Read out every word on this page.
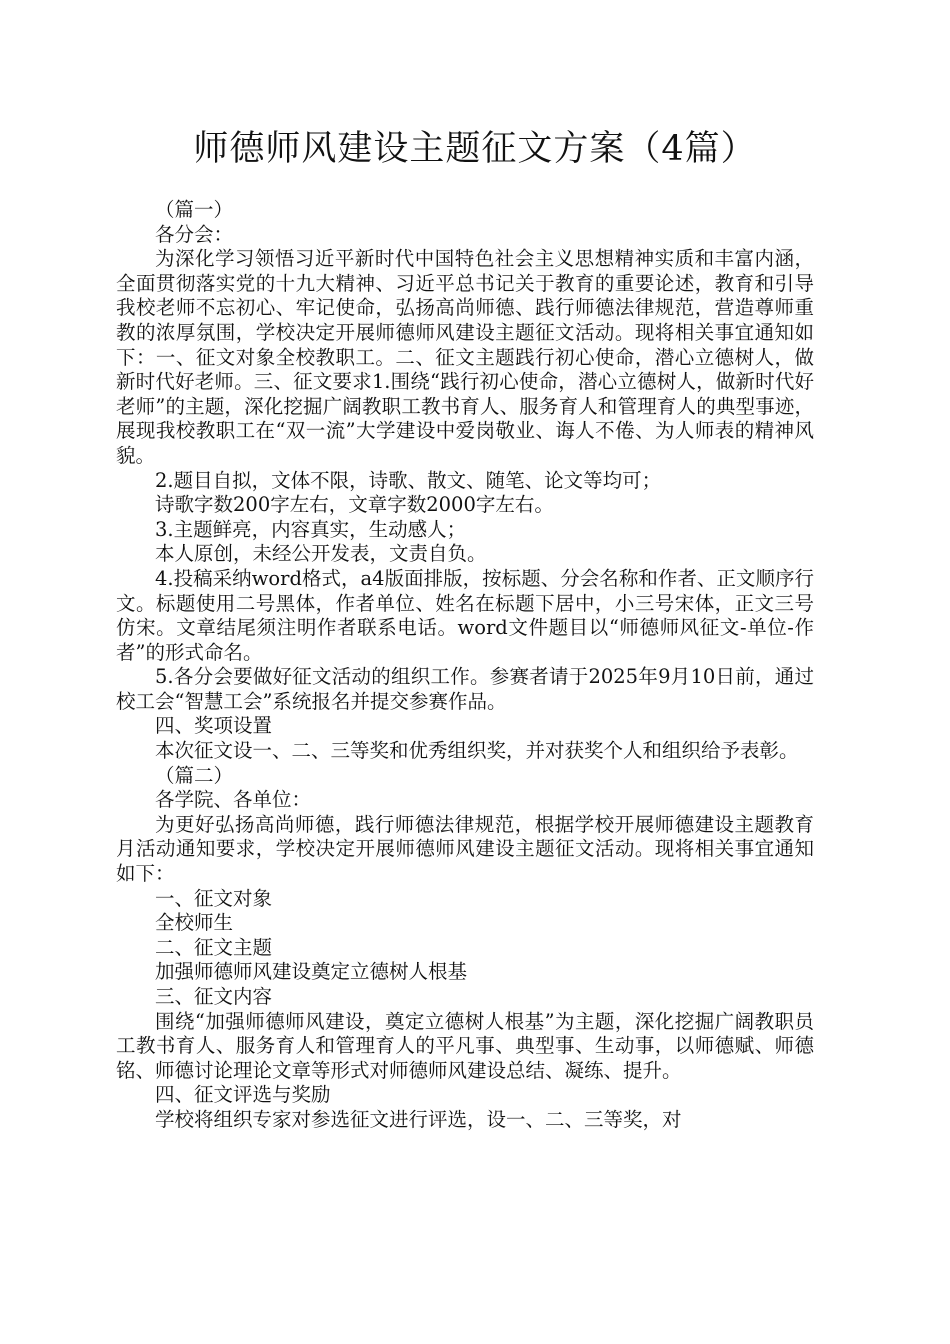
师德师风建设主题征文方案（4篇）

（篇一）

各分会：

为深化学习领悟习近平新时代中国特色社会主义思想精神实质和丰富内涵，全面贯彻落实党的十九大精神、习近平总书记关于教育的重要论述，教育和引导我校老师不忘初心、牢记使命，弘扬高尚师德、践行师德法律规范，营造尊师重教的浓厚氛围，学校决定开展师德师风建设主题征文活动。现将相关事宜通知如下：一、征文对象全校教职工。二、征文主题践行初心使命，潜心立德树人，做新时代好老师。三、征文要求1.围绕“践行初心使命，潜心立德树人，做新时代好老师”的主题，深化挖掘广阔教职工教书育人、服务育人和管理育人的典型事迹，展现我校教职工在“双一流”大学建设中爱岗敬业、诲人不倦、为人师表的精神风貌。

2.题目自拟，文体不限，诗歌、散文、随笔、论文等均可；

诗歌字数200字左右，文章字数2000字左右。

3.主题鲜亮，内容真实，生动感人；

本人原创，未经公开发表，文责自负。

4.投稿采纳word格式，a4版面排版，按标题、分会名称和作者、正文顺序行文。标题使用二号黑体，作者单位、姓名在标题下居中，小三号宋体，正文三号仿宋。文章结尾须注明作者联系电话。word文件题目以“师德师风征文-单位-作者”的形式命名。

5.各分会要做好征文活动的组织工作。参赛者请于2025年9月10日前，通过校工会“智慧工会”系统报名并提交参赛作品。

四、奖项设置

本次征文设一、二、三等奖和优秀组织奖，并对获奖个人和组织给予表彰。

（篇二）

各学院、各单位：

为更好弘扬高尚师德，践行师德法律规范，根据学校开展师德建设主题教育月活动通知要求，学校决定开展师德师风建设主题征文活动。现将相关事宜通知如下：

一、征文对象

全校师生

二、征文主题

加强师德师风建设奠定立德树人根基

三、征文内容

围绕“加强师德师风建设，奠定立德树人根基”为主题，深化挖掘广阔教职员工教书育人、服务育人和管理育人的平凡事、典型事、生动事，以师德赋、师德铭、师德讨论理论文章等形式对师德师风建设总结、凝练、提升。

四、征文评选与奖励

学校将组织专家对参选征文进行评选，设一、二、三等奖，对
